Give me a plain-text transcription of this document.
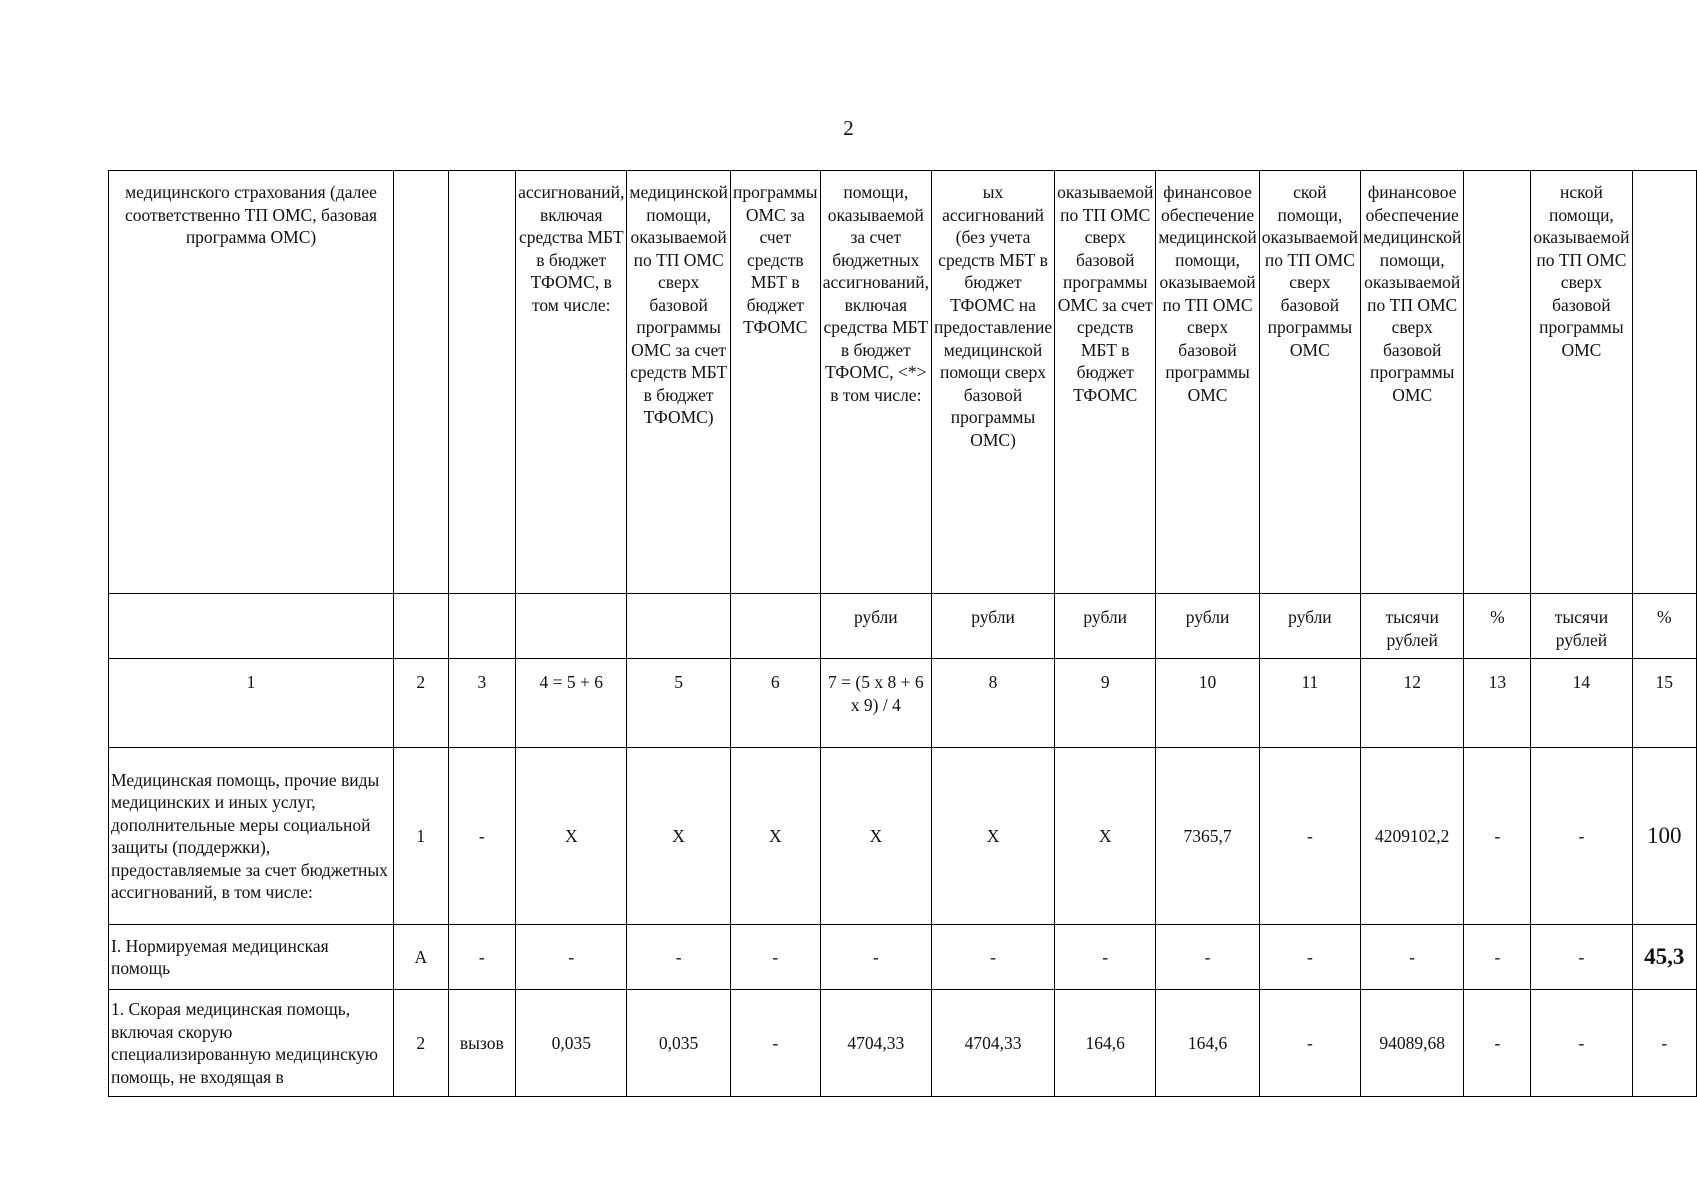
2
медицинского страхования (далее соответственно ТП ОМС, базовая программа ОМС)			ассигнований, включая средства МБТ в бюджет ТФОМС, в том числе:	медицинской помощи, оказываемой по ТП ОМС сверх базовой программы ОМС за счет средств МБТ в бюджет ТФОМС)	программы ОМС за счет средств МБТ в бюджет ТФОМС	помощи, оказываемой за счет бюджетных ассигнований, включая средства МБТ в бюджет ТФОМС, <*> в том числе:	ых ассигнований (без учета средств МБТ в бюджет ТФОМС на предоставление медицинской помощи сверх базовой программы ОМС)	оказываемой по ТП ОМС сверх базовой программы ОМС за счет средств МБТ в бюджет ТФОМС	финансовое обеспечение медицинской помощи, оказываемой по ТП ОМС сверх базовой программы ОМС	ской помощи, оказываемой по ТП ОМС сверх базовой программы ОМС	финансовое обеспечение медицинской помощи, оказываемой по ТП ОМС сверх базовой программы ОМС		нской помощи, оказываемой по ТП ОМС сверх базовой программы ОМС	
						рубли	рубли	рубли	рубли	рубли	тысячи рублей	%	тысячи рублей	%
1	2	3	4 = 5 + 6	5	6	7 = (5 x 8 + 6 x 9) / 4	8	9	10	11	12	13	14	15
Медицинская помощь, прочие виды медицинских и иных услуг, дополнительные меры социальной защиты (поддержки), предоставляемые за счет бюджетных ассигнований, в том числе:	1	-	X	X	X	X	X	X	7365,7	-	4209102,2	-	-	100
I. Нормируемая медицинская помощь	А	-	-	-	-	-	-	-	-	-	-	-	-	45,3
1. Скорая медицинская помощь, включая скорую специализированную медицинскую помощь, не входящая в	2	вызов	0,035	0,035	-	4704,33	4704,33	164,6	164,6	-	94089,68	-	-	-
